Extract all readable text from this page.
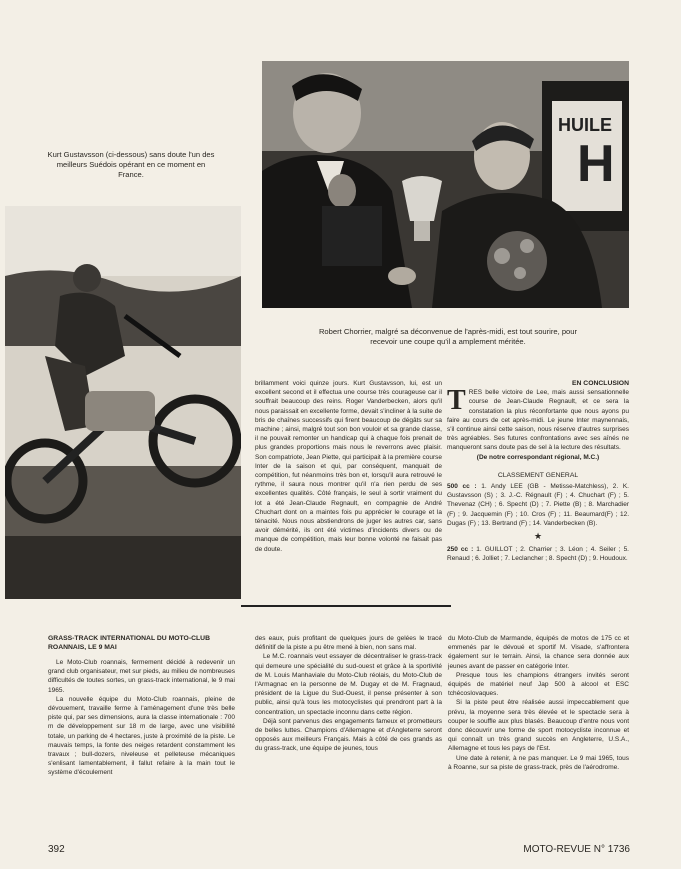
HUILE
H
Kurt Gustavsson (ci-dessous) sans doute l'un des meilleurs Suédois opérant en ce moment en France.
Robert Chorrier, malgré sa déconvenue de l'après-midi, est tout sourire, pour recevoir une coupe qu'il a amplement méritée.

brillamment voici quinze jours. Kurt Gustavsson, lui, est un excellent second et il effectua une course très courageuse car il souffrait beaucoup des reins. Roger Vanderbecken, alors qu'il nous paraissait en excellente forme, devait s'incliner à la suite de bris de chaînes successifs qui firent beaucoup de dégâts sur sa machine ; ainsi, malgré tout son bon vouloir et sa grande classe, il ne pouvait remonter un handicap qui à chaque fois prenait de plus grandes proportions mais nous le reverrons avec plaisir. Son compatriote, Jean Piette, qui participait à la première course Inter de la saison et qui, par conséquent, manquait de compétition, fut néanmoins très bon et, lorsqu'il aura retrouvé le rythme, il saura nous montrer qu'il n'a rien perdu de ses excellentes qualités. Côté français, le seul à sortir vraiment du lot a été Jean-Claude Regnault, en compagnie de André Chuchart dont on a maintes fois pu apprécier le courage et la ténacité. Nous nous abstiendrons de juger les autres car, sans avoir démérité, ils ont été victimes d'incidents divers ou de manque de compétition, mais leur bonne volonté ne faisait pas de doute.

EN CONCLUSION
TRES belle victoire de Lee, mais aussi sensationnelle course de Jean-Claude Regnault, et ce sera la constatation la plus réconfortante que nous ayons pu faire au cours de cet après-midi. Le jeune Inter maynennais, s'il continue ainsi cette saison, nous réserve d'autres surprises très agréables. Ses futures confrontations avec ses aînés ne manqueront sans doute pas de sel à la lecture des résultats.
(De notre correspondant régional, M.C.)
CLASSEMENT GENERAL
500 cc : 1. Andy LEE (GB - Metisse-Matchless), 2. K. Gustavsson (S) ; 3. J.-C. Régnault (F) ; 4. Chuchart (F) ; 5. Thevenaz (CH) ; 6. Specht (D) ; 7. Piette (B) ; 8. Marchadier (F) ; 9. Jacquemin (F) ; 10. Cros (F) ; 11. Beaumard(F) ; 12. Dugas (F) ; 13. Bertrand (F) ; 14. Vanderbecken (B).
★
250 cc : 1. GUILLOT ; 2. Charrier ; 3. Léon ; 4. Seiler ; 5. Renaud ; 6. Jolliet ; 7. Leclancher ; 8. Specht (D) ; 9. Houdoux.
GRASS-TRACK INTERNATIONAL DU MOTO-CLUB ROANNAIS, LE 9 MAI

Le Moto-Club roannais, fermement décidé à redevenir un grand club organisateur, met sur pieds, au milieu de nombreuses difficultés de toutes sortes, un grass-track international, le 9 mai 1965.

La nouvelle équipe du Moto-Club roannais, pleine de dévouement, travaille ferme à l'aménagement d'une très belle piste qui, par ses dimensions, aura la classe internationale : 700 m de développement sur 18 m de large, avec une visibilité totale, un parking de 4 hectares, juste à proximité de la piste. Le mauvais temps, la fonte des neiges retardent constamment les travaux ; bull-dozers, niveleuse et pelleteuse mécaniques s'enlisant lamentablement, il fallut refaire à la main tout le système d'écoulement

des eaux, puis profitant de quelques jours de gelées le tracé définitif de la piste a pu être mené à bien, non sans mal.

Le M.C. roannais veut essayer de décentraliser le grass-track qui demeure une spécialité du sud-ouest et grâce à la sportivité de M. Louis Manhaviale du Moto-Club réolais, du Moto-Club de l'Armagnac en la personne de M. Dugay et de M. Fragnaud, président de la Ligue du Sud-Ouest, il pense présenter à son public, ainsi qu'à tous les motocyclistes qui prendront part à la concentration, un spectacle inconnu dans cette région.

Déjà sont parvenus des engagements fameux et prometteurs de belles luttes. Champions d'Allemagne et d'Angleterre seront opposés aux meilleurs Français. Mais à côté de ces grands as du grass-track, une équipe de jeunes, tous

du Moto-Club de Marmande, équipés de motos de 175 cc et emmenés par le dévoué et sportif M. Visade, s'affrontera également sur le terrain. Ainsi, la chance sera donnée aux jeunes avant de passer en catégorie Inter.

Presque tous les champions étrangers invités seront équipés de matériel neuf Jap 500 à alcool et ESC tchécoslovaques.

Si la piste peut être réalisée aussi impeccablement que prévu, la moyenne sera très élevée et le spectacle sera à couper le souffle aux plus blasés. Beaucoup d'entre nous vont donc découvrir une forme de sport motocycliste inconnue et qui connaît un très grand succès en Angleterre, U.S.A., Allemagne et tous les pays de l'Est.

Une date à retenir, à ne pas manquer. Le 9 mai 1965, tous à Roanne, sur sa piste de grass-track, près de l'aérodrome.

392	MOTO-REVUE N° 1736
